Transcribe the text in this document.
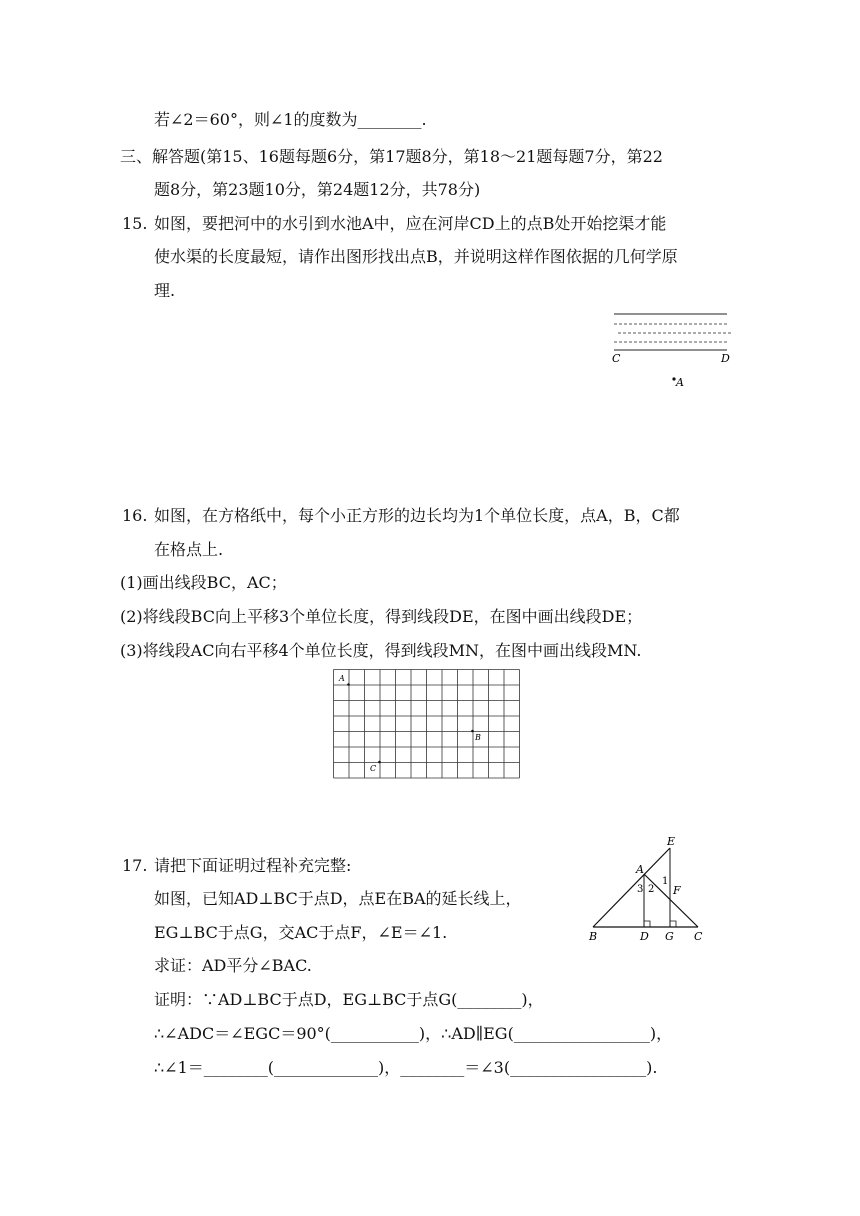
若∠2＝60°，则∠1的度数为________.
三、解答题(第15、16题每题6分，第17题8分，第18～21题每题7分，第22
题8分，第23题10分，第24题12分，共78分)
15. 如图，要把河中的水引到水池A中，应在河岸CD上的点B处开始挖渠才能
使水渠的长度最短，请作出图形找出点B，并说明这样作图依据的几何学原
理.
C	D
A
16. 如图，在方格纸中，每个小正方形的边长均为1个单位长度，点A，B，C都
在格点上.
(1)画出线段BC，AC；
(2)将线段BC向上平移3个单位长度，得到线段DE，在图中画出线段DE；
(3)将线段AC向右平移4个单位长度，得到线段MN，在图中画出线段MN.
A
B
C
17. 请把下面证明过程补充完整:
如图，已知AD⊥BC于点D，点E在BA的延长线上，
EG⊥BC于点G，交AC于点F，∠E＝∠1.
求证：AD平分∠BAC.
证明：∵AD⊥BC于点D，EG⊥BC于点G(________)，
∴∠ADC＝∠EGC＝90°(___________)，∴AD∥EG(_________________)，
∴∠1＝________(_____________)，________＝∠3(_________________).
E
A
3 2
1
F
B	D G C
